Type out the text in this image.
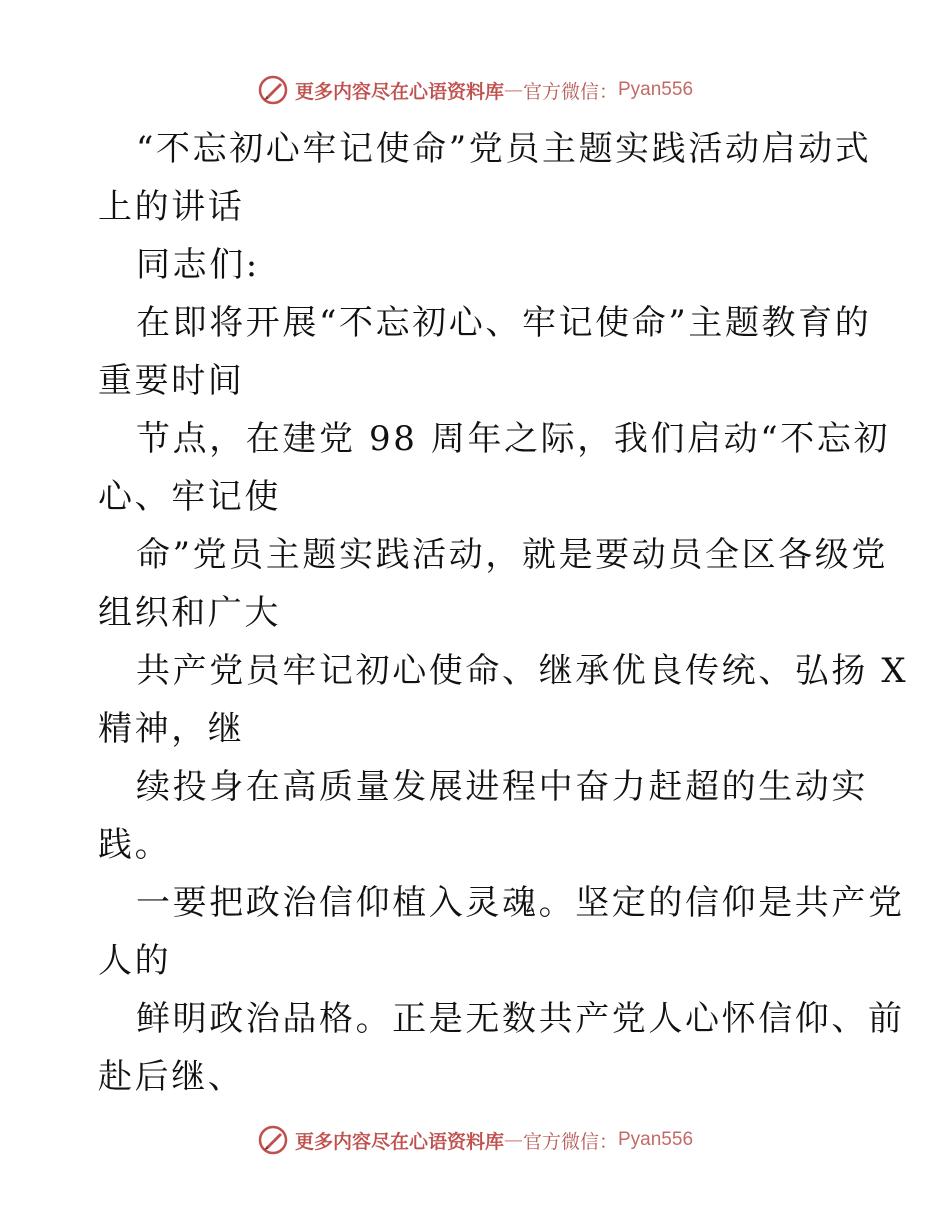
更多内容尽在心语资料库 — 官方微信： Pyan556
“不忘初心牢记使命”党员主题实践活动启动式
上的讲话
同志们:
在即将开展“不忘初心、牢记使命”主题教育的
重要时间
节点，在建党 98 周年之际，我们启动“不忘初
心、牢记使
命”党员主题实践活动，就是要动员全区各级党
组织和广大
共产党员牢记初心使命、继承优良传统、弘扬 X
精神，继
续投身在高质量发展进程中奋力赶超的生动实
践。
一要把政治信仰植入灵魂。坚定的信仰是共产党
人的
鲜明政治品格。正是无数共产党人心怀信仰、前
赴后继、
更多内容尽在心语资料库 — 官方微信： Pyan556
